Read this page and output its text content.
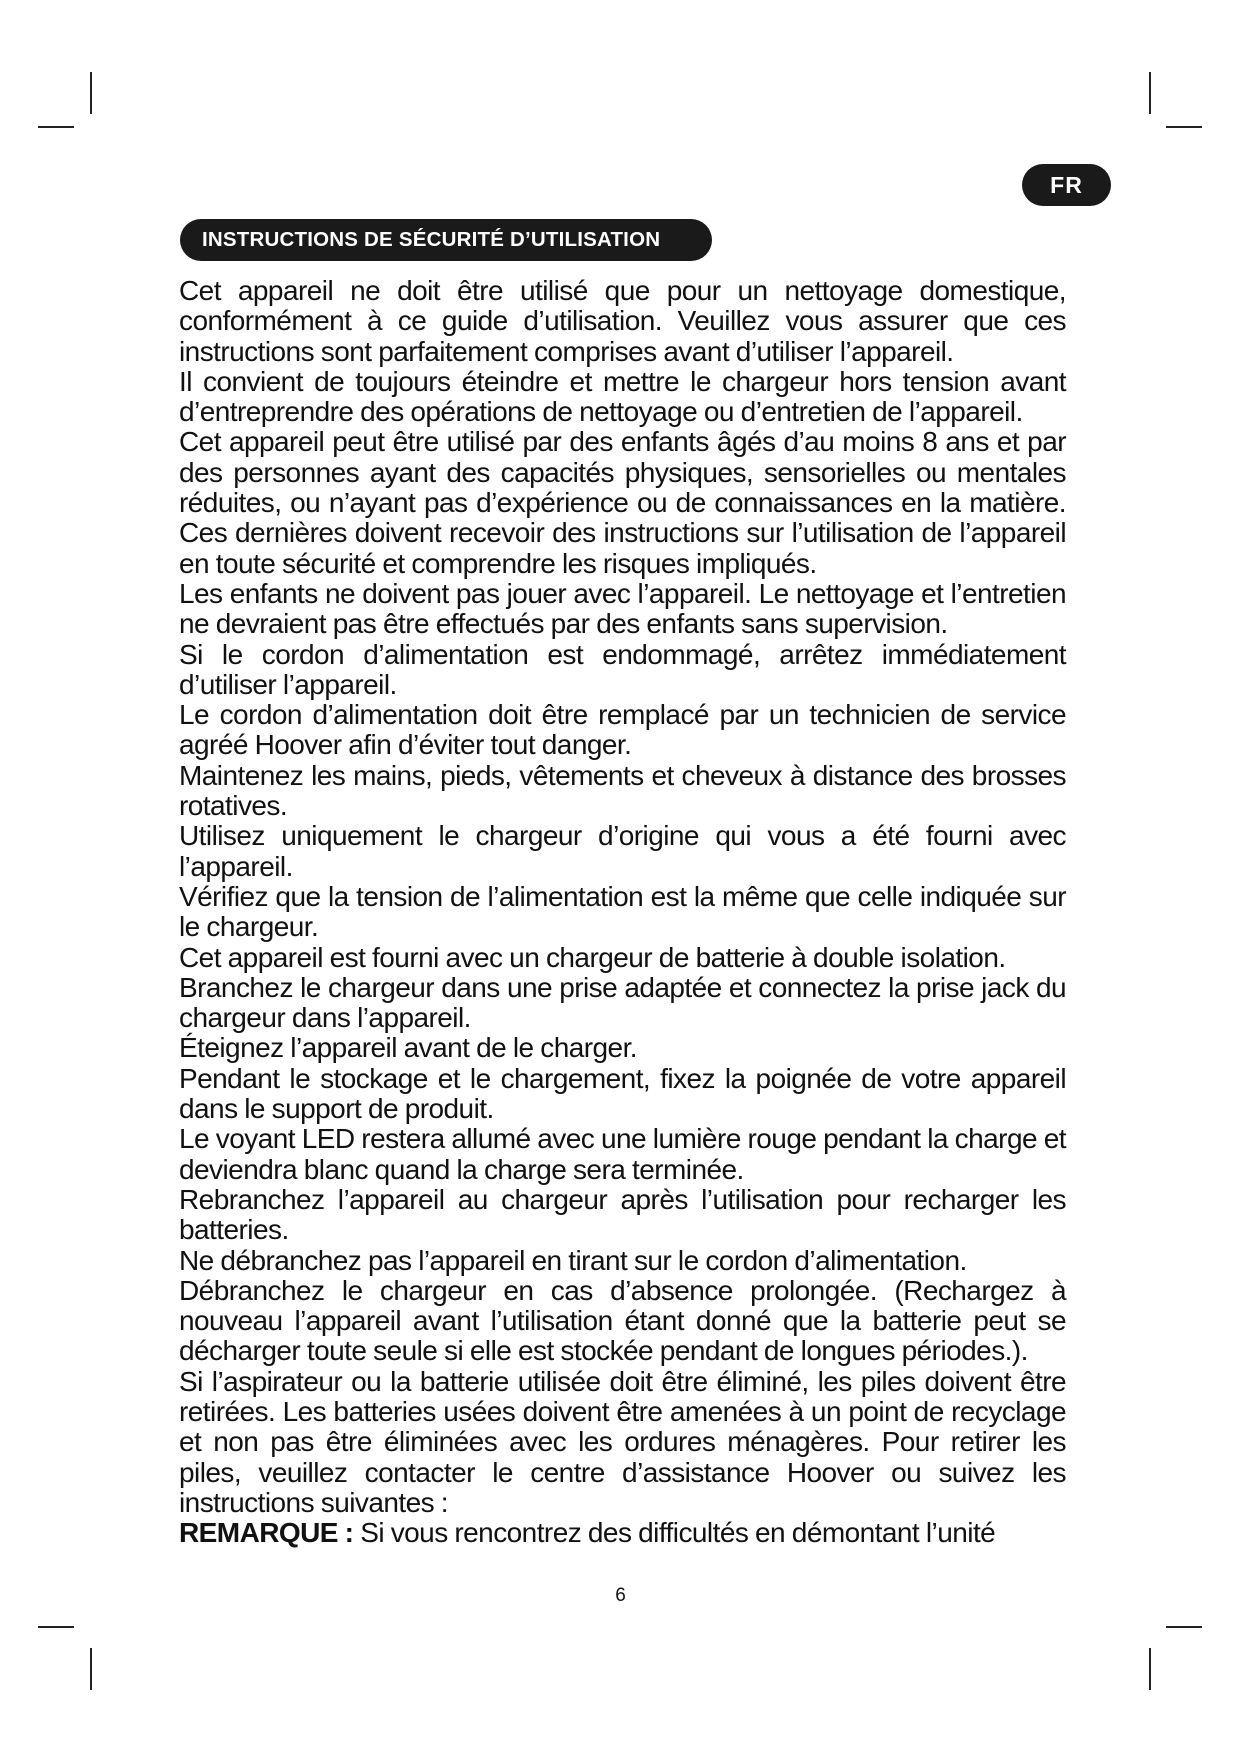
FR
INSTRUCTIONS DE SÉCURITÉ D’UTILISATION

Cet appareil ne doit être utilisé que pour un nettoyage domestique, conformément à ce guide d’utilisation. Veuillez vous assurer que ces instructions sont parfaitement comprises avant d’utiliser l’appareil.

Il convient de toujours éteindre et mettre le chargeur hors tension avant d’entreprendre des opérations de nettoyage ou d’entretien de l’appareil.

Cet appareil peut être utilisé par des enfants âgés d’au moins 8 ans et par des personnes ayant des capacités physiques, sensorielles ou mentales réduites, ou n’ayant pas d’expérience ou de connaissances en la matière. Ces dernières doivent recevoir des instructions sur l’utilisation de l’appareil en toute sécurité et comprendre les risques impliqués.

Les enfants ne doivent pas jouer avec l’appareil. Le nettoyage et l’entretien ne devraient pas être effectués par des enfants sans supervision.

Si le cordon d’alimentation est endommagé, arrêtez immédiatement d’utiliser l’appareil.

Le cordon d’alimentation doit être remplacé par un technicien de service agréé Hoover afin d’éviter tout danger.

Maintenez les mains, pieds, vêtements et cheveux à distance des brosses rotatives.

Utilisez uniquement le chargeur d’origine qui vous a été fourni avec l’appareil.

Vérifiez que la tension de l’alimentation est la même que celle indiquée sur le chargeur.

Cet appareil est fourni avec un chargeur de batterie à double isolation.

Branchez le chargeur dans une prise adaptée et connectez la prise jack du chargeur dans l’appareil.

Éteignez l’appareil avant de le charger.

Pendant le stockage et le chargement, fixez la poignée de votre appareil dans le support de produit.

Le voyant LED restera allumé avec une lumière rouge pendant la charge et deviendra blanc quand la charge sera terminée.

Rebranchez l’appareil au chargeur après l’utilisation pour recharger les batteries.

Ne débranchez pas l’appareil en tirant sur le cordon d’alimentation.

Débranchez le chargeur en cas d’absence prolongée. (Rechargez à nouveau l’appareil avant l’utilisation étant donné que la batterie peut se décharger toute seule si elle est stockée pendant de longues périodes.).

Si l’aspirateur ou la batterie utilisée doit être éliminé, les piles doivent être retirées. Les batteries usées doivent être amenées à un point de recyclage et non pas être éliminées avec les ordures ménagères. Pour retirer les piles, veuillez contacter le centre d’assistance Hoover ou suivez les instructions suivantes :

REMARQUE : Si vous rencontrez des difficultés en démontant l’unité

6
